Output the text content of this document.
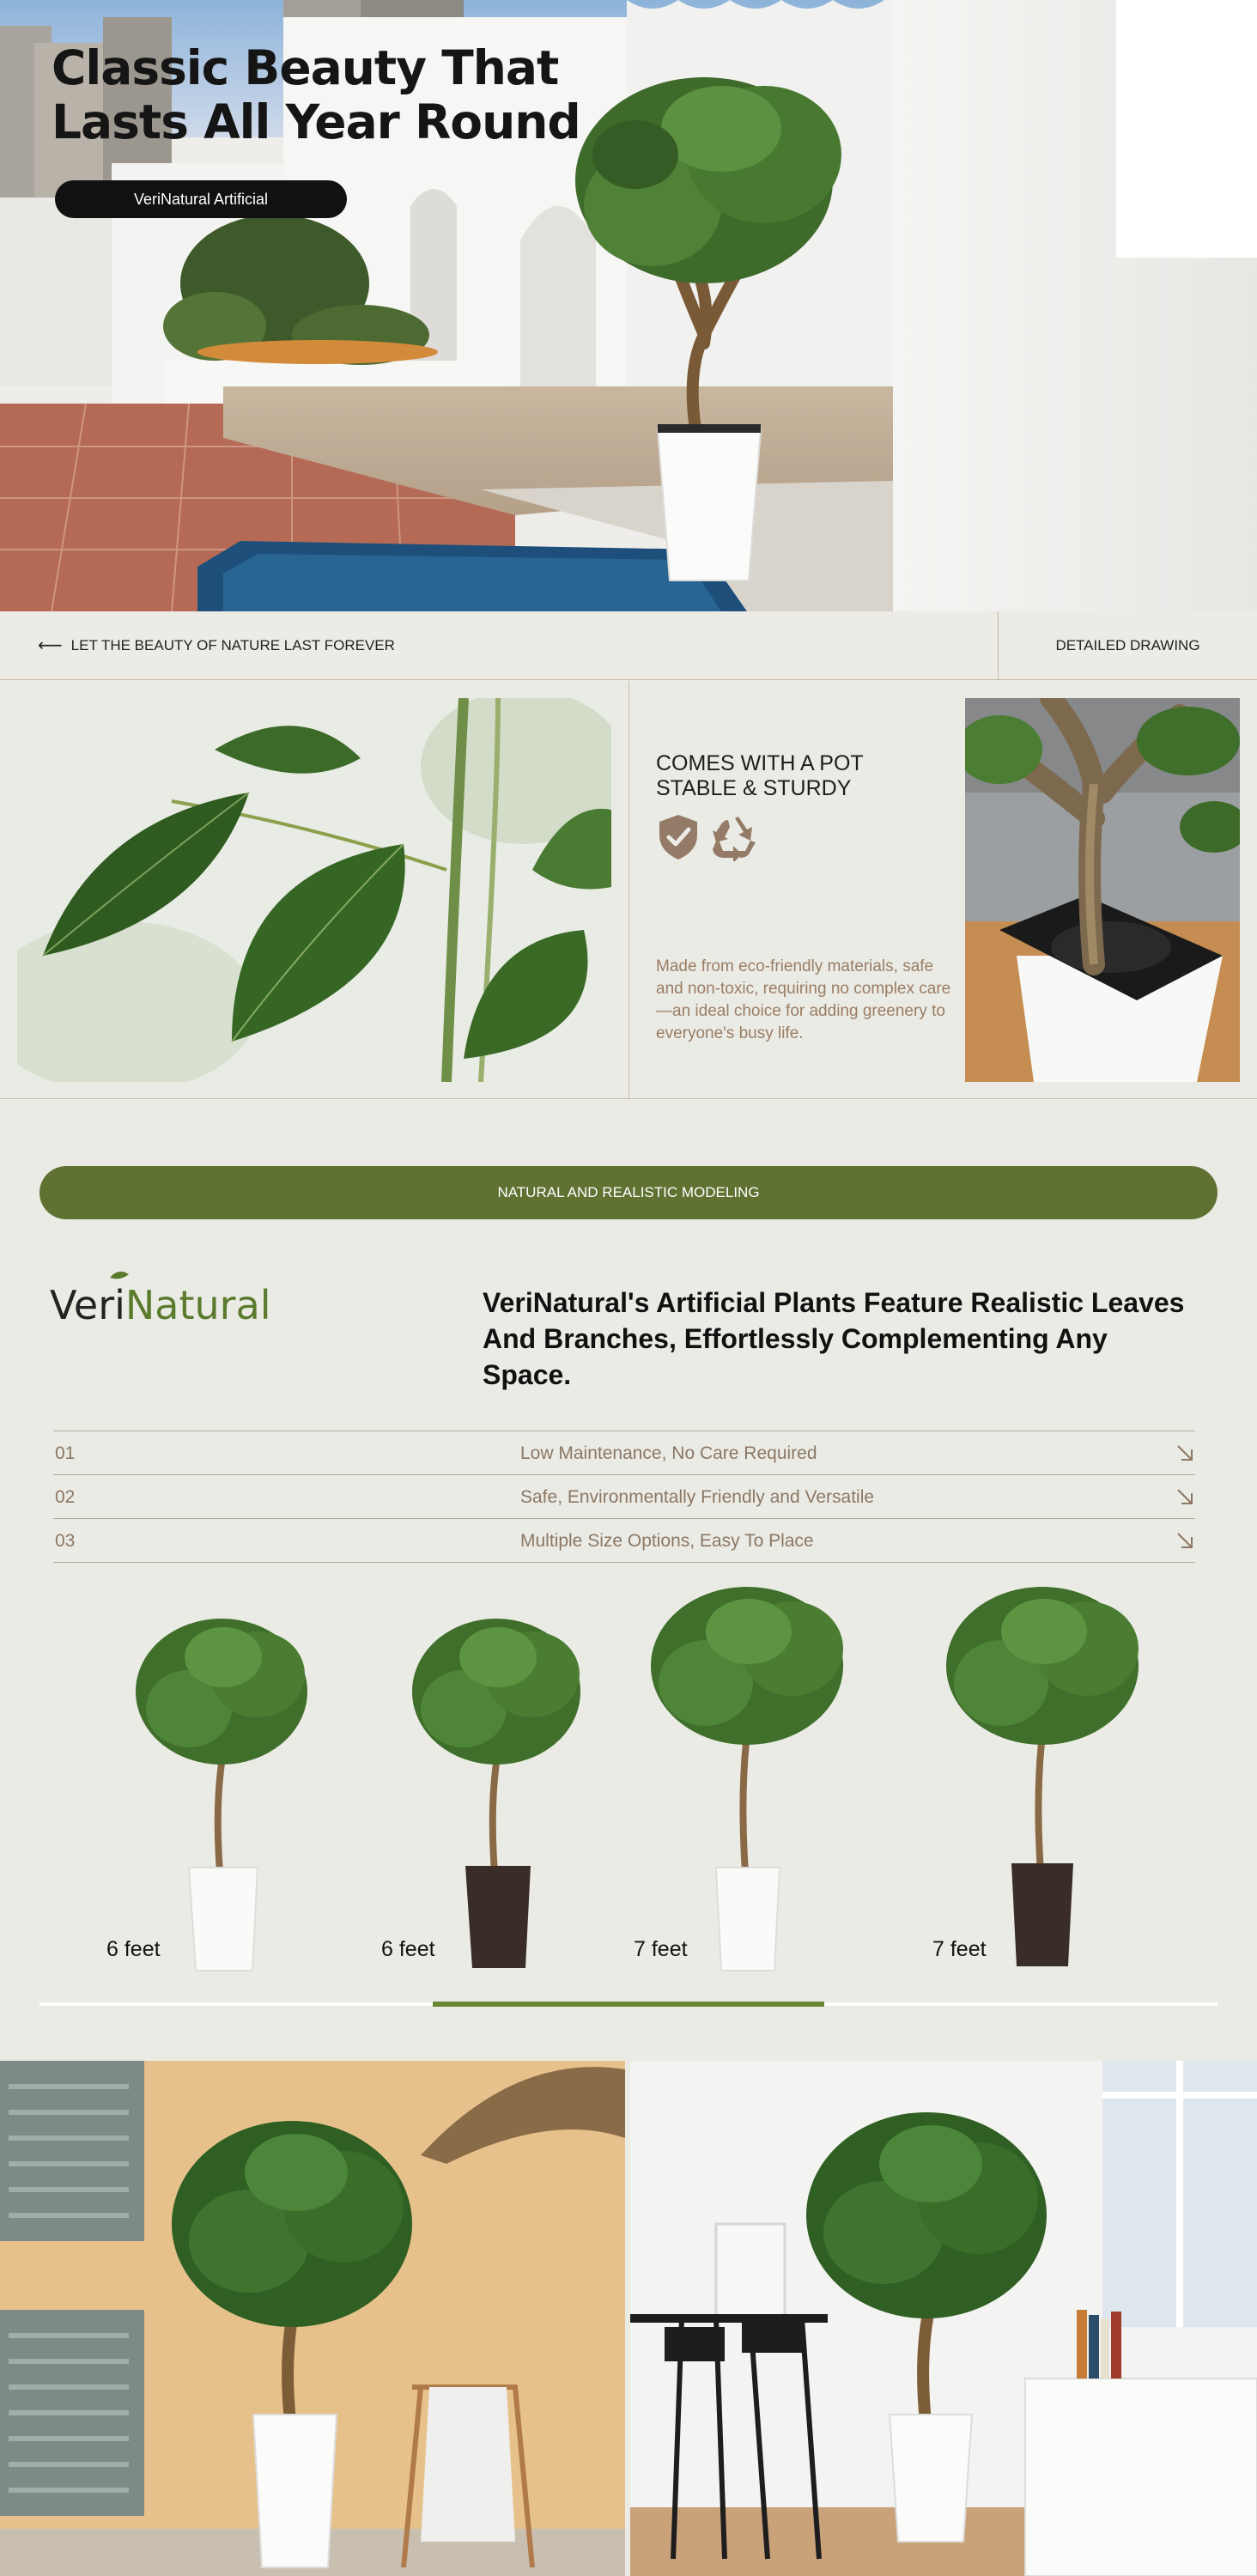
Classic Beauty That
Lasts All Year Round
VeriNatural Artificial
⟵ LET THE BEAUTY OF NATURE LAST FOREVER	DETAILED DRAWING
COMES WITH A POT
STABLE & STURDY

Made from eco-friendly materials, safe and non-toxic, requiring no complex care—an ideal choice for adding greenery to everyone's busy life.

NATURAL AND REALISTIC MODELING
VeriNatural	VeriNatural's Artificial Plants Feature Realistic Leaves And Branches, Effortlessly Complementing Any Space.
01	Low Maintenance, No Care Required
02	Safe, Environmentally Friendly and Versatile
03	Multiple Size Options, Easy To Place
6 feet	6 feet	7 feet	7 feet
